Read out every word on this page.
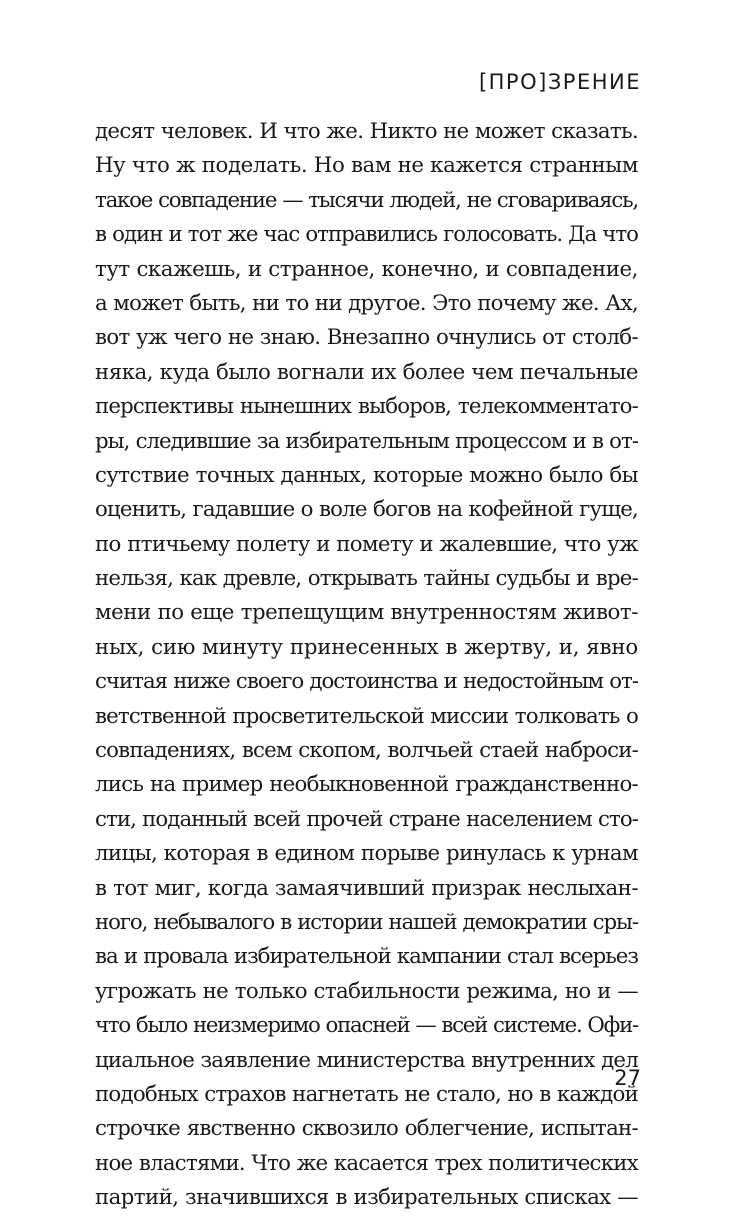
[ПРО]ЗРЕНИЕ
десят человек. И что же. Никто не может сказать.
Ну что ж поделать. Но вам не кажется странным
такое совпадение — тысячи людей, не сговариваясь,
в один и тот же час отправились голосовать. Да что
тут скажешь, и странное, конечно, и совпадение,
а может быть, ни то ни другое. Это почему же. Ах,
вот уж чего не знаю. Внезапно очнулись от столб-
няка, куда было вогнали их более чем печальные
перспективы нынешних выборов, телекомментато-
ры, следившие за избирательным процессом и в от-
сутствие точных данных, которые можно было бы
оценить, гадавшие о воле богов на кофейной гуще,
по птичьему полету и помету и жалевшие, что уж
нельзя, как древле, открывать тайны судьбы и вре-
мени по еще трепещущим внутренностям живот-
ных, сию минуту принесенных в жертву, и, явно
считая ниже своего достоинства и недостойным от-
ветственной просветительской миссии толковать о
совпадениях, всем скопом, волчьей стаей наброси-
лись на пример необыкновенной гражданственно-
сти, поданный всей прочей стране населением сто-
лицы, которая в едином порыве ринулась к урнам
в тот миг, когда замаячивший призрак неслыхан-
ного, небывалого в истории нашей демократии сры-
ва и провала избирательной кампании стал всерьез
угрожать не только стабильности режима, но и —
что было неизмеримо опасней — всей системе. Офи-
циальное заявление министерства внутренних дел
подобных страхов нагнетать не стало, но в каждой
строчке явственно сквозило облегчение, испытан-
ное властями. Что же касается трех политических
партий, значившихся в избирательных списках —
27
